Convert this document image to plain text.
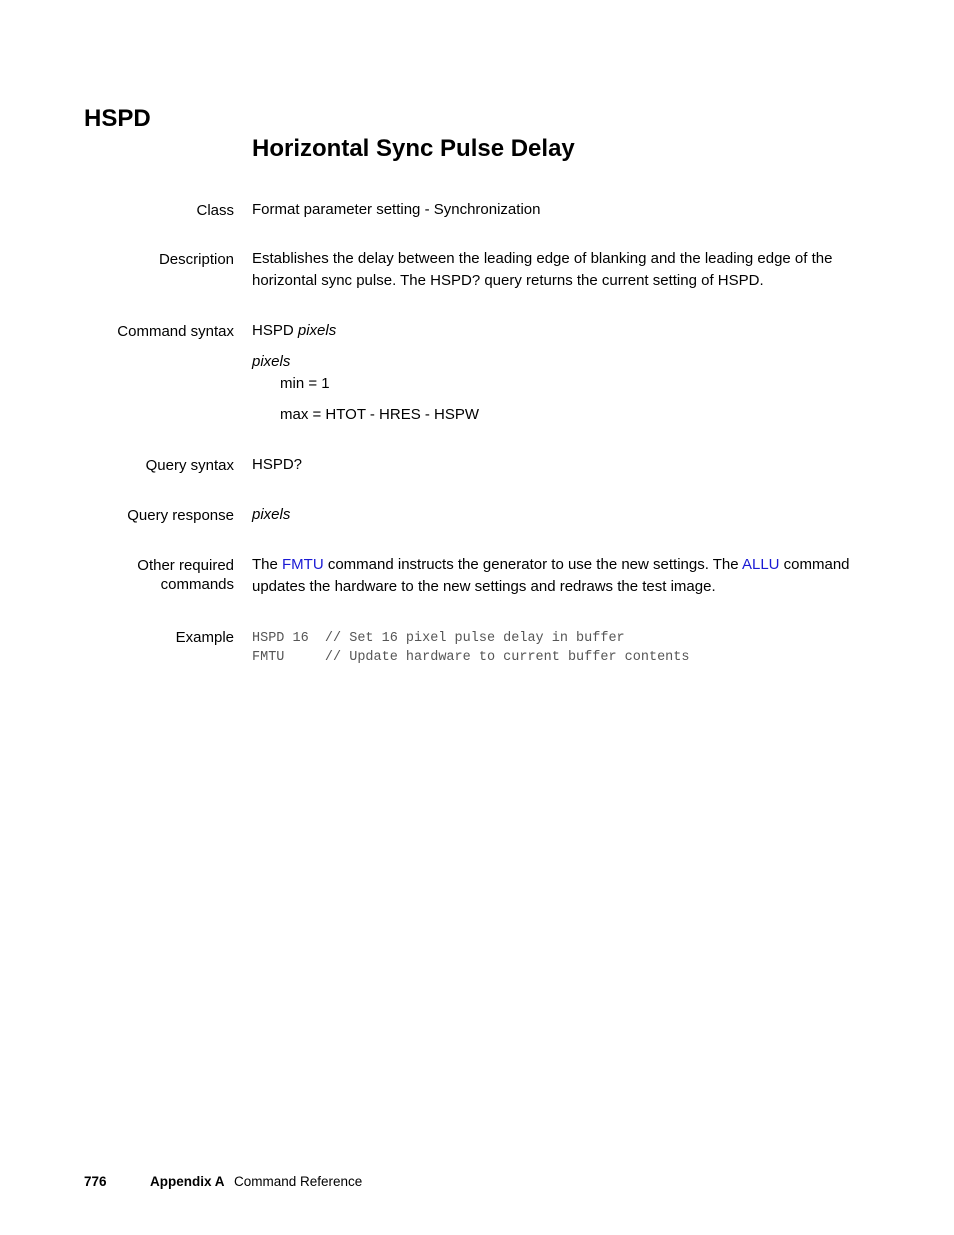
HSPD
Horizontal Sync Pulse Delay
Class Format parameter setting - Synchronization
Description Establishes the delay between the leading edge of blanking and the leading edge of the horizontal sync pulse. The HSPD? query returns the current setting of HSPD.
Command syntax HSPD pixels

pixels

min = 1

max = HTOT - HRES - HSPW

Query syntax HSPD?
Query response pixels
Other required
commands
The FMTU command instructs the generator to use the new settings. The ALLU command updates the hardware to the new settings and redraws the test image.
Example HSPD 16  // Set 16 pixel pulse delay in buffer
FMTU     // Update hardware to current buffer contents
776	Appendix A Command Reference
